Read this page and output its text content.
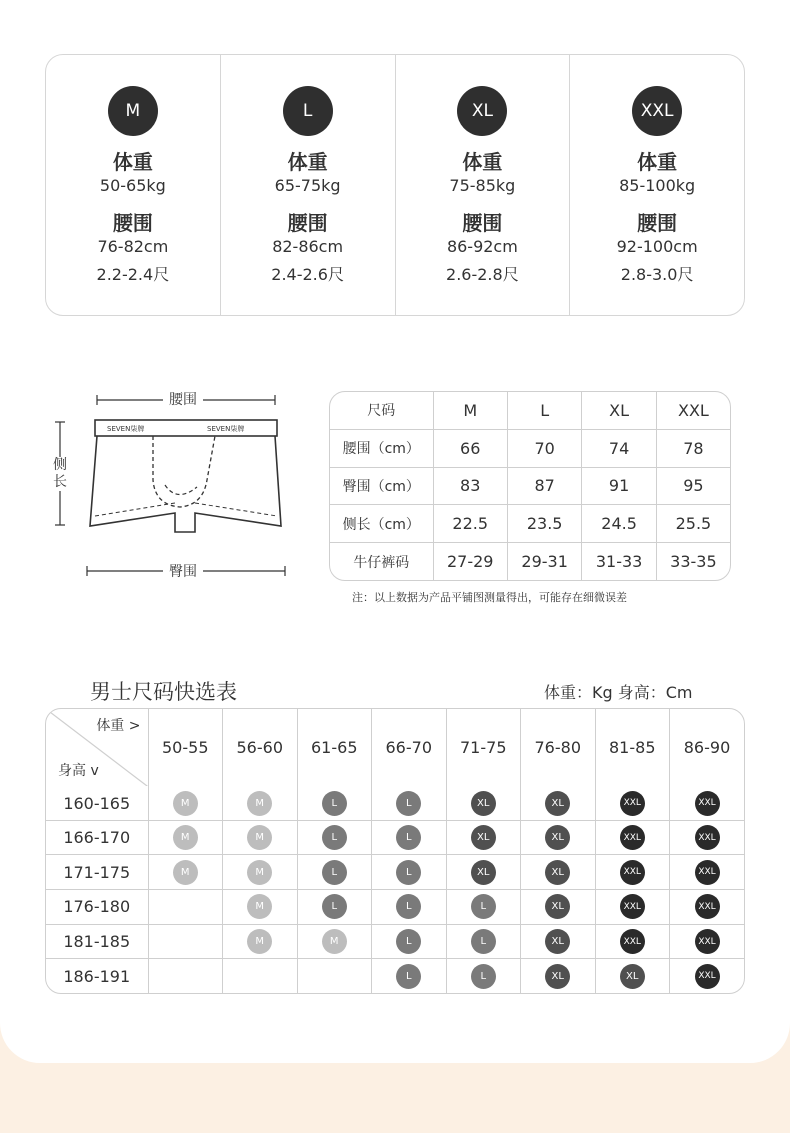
M
体重
50-65kg
腰围
76-82cm
2.2-2.4尺
L
体重
65-75kg
腰围
82-86cm
2.4-2.6尺
XL
体重
75-85kg
腰围
86-92cm
2.6-2.8尺
XXL
体重
85-100kg
腰围
92-100cm
2.8-3.0尺
腰围
臀围
侧
长
SEVEN柒牌	SEVEN柒牌
尺码	M	L	XL	XXL
腰围（cm）	66	70	74	78
臀围（cm）	83	87	91	95
侧长（cm）	22.5	23.5	24.5	25.5
牛仔裤码	27-29	29-31	31-33	33-35
注：以上数据为产品平铺图测量得出，可能存在细微误差
男士尺码快选表	体重：Kg 身高：Cm
体重 >
身高 v	50-55	56-60	61-65	66-70	71-75	76-80	81-85	86-90
160-165	M	M	L	L	XL	XL	XXL	XXL
166-170	M	M	L	L	XL	XL	XXL	XXL
171-175	M	M	L	L	XL	XL	XXL	XXL
176-180		M	L	L	L	XL	XXL	XXL
181-185		M	M	L	L	XL	XXL	XXL
186-191				L	L	XL	XL	XXL
